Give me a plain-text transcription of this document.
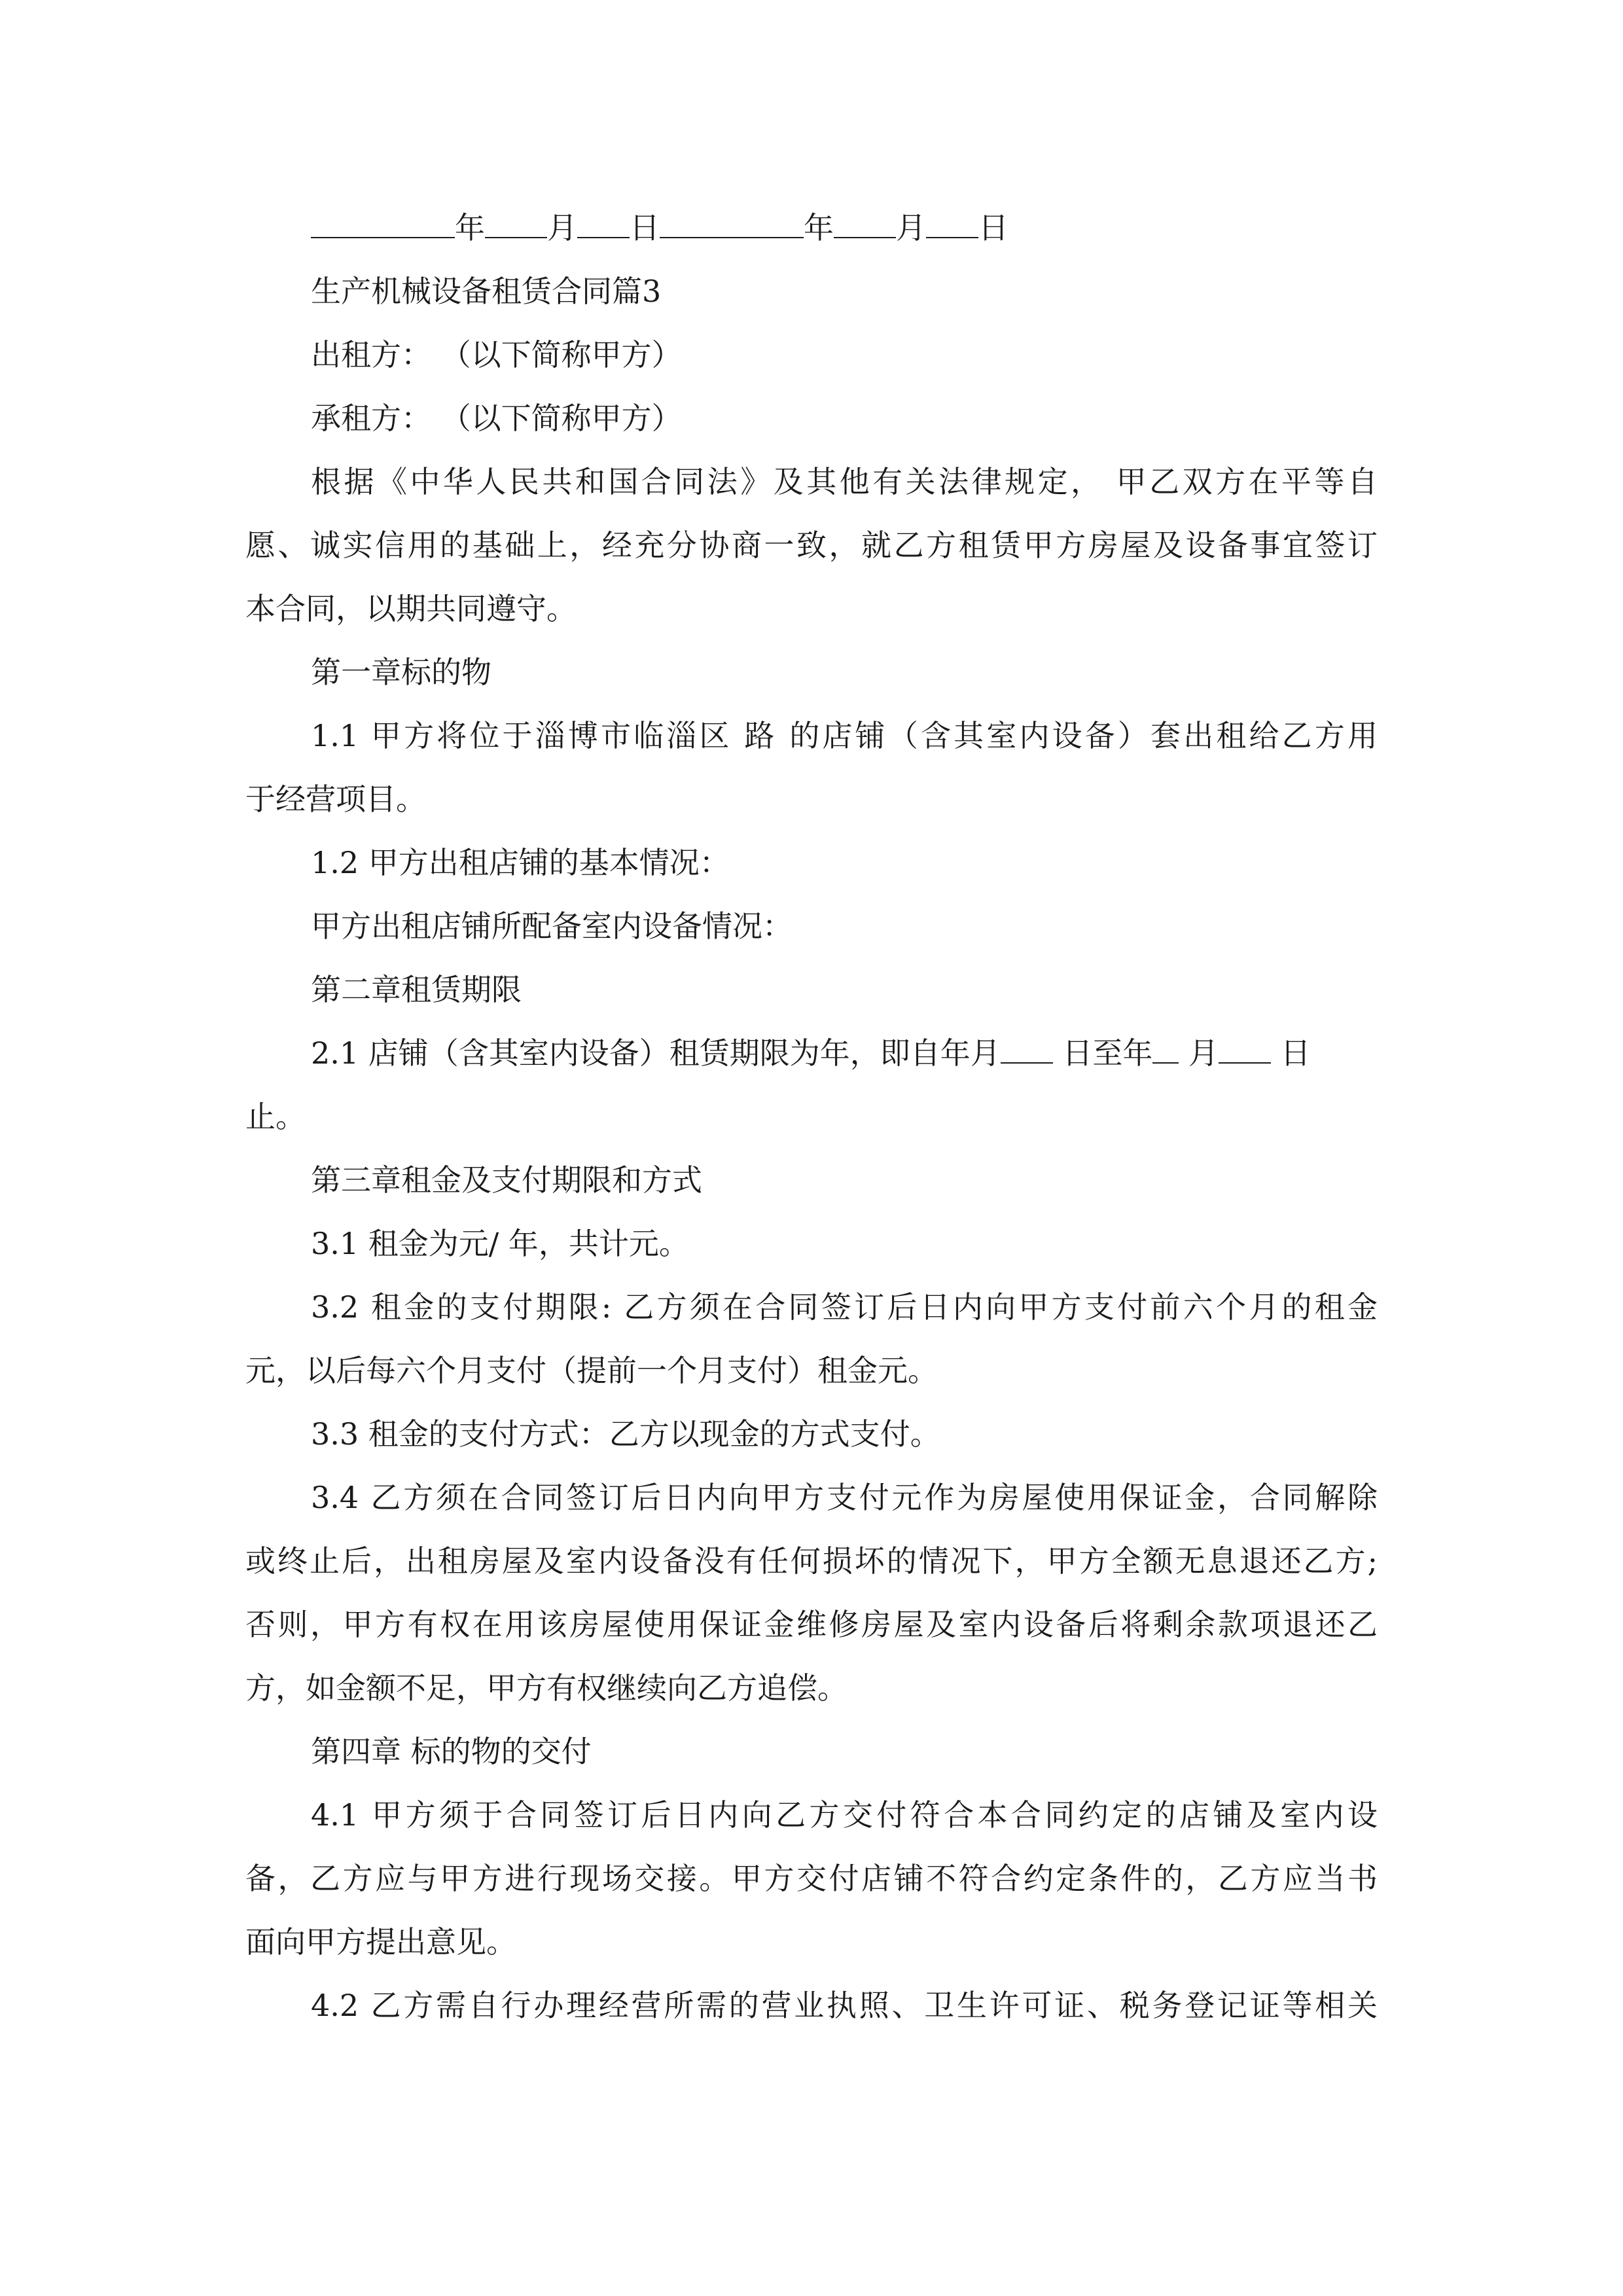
年 月 日	年 月 日
生产机械设备租赁合同篇3
出租方： （以下简称甲方）
承租方： （以下简称甲方）
根据《中华人民共和国合同法》及其他有关法律规定， 甲乙双方在平等自
愿、诚实信用的基础上，经充分协商一致，就乙方租赁甲方房屋及设备事宜签订
本合同，以期共同遵守。
第一章标的物
1.1 甲方将位于淄博市临淄区 路 的店铺（含其室内设备）套出租给乙方用
于经营项目。
1.2 甲方出租店铺的基本情况：
甲方出租店铺所配备室内设备情况：
第二章租赁期限
2.1 店铺（含其室内设备）租赁期限为年，即自年月 日至年 月 日
止。
第三章租金及支付期限和方式
3.1 租金为元/ 年，共计元。
3.2 租金的支付期限: 乙方须在合同签订后日内向甲方支付前六个月的租金
元，以后每六个月支付（提前一个月支付）租金元。
3.3 租金的支付方式：乙方以现金的方式支付。
3.4 乙方须在合同签订后日内向甲方支付元作为房屋使用保证金，合同解除
或终止后，出租房屋及室内设备没有任何损坏的情况下，甲方全额无息退还乙方;
否则，甲方有权在用该房屋使用保证金维修房屋及室内设备后将剩余款项退还乙
方，如金额不足，甲方有权继续向乙方追偿。
第四章 标的物的交付
4.1 甲方须于合同签订后日内向乙方交付符合本合同约定的店铺及室内设
备，乙方应与甲方进行现场交接。甲方交付店铺不符合约定条件的，乙方应当书
面向甲方提出意见。
4.2 乙方需自行办理经营所需的营业执照、卫生许可证、税务登记证等相关
